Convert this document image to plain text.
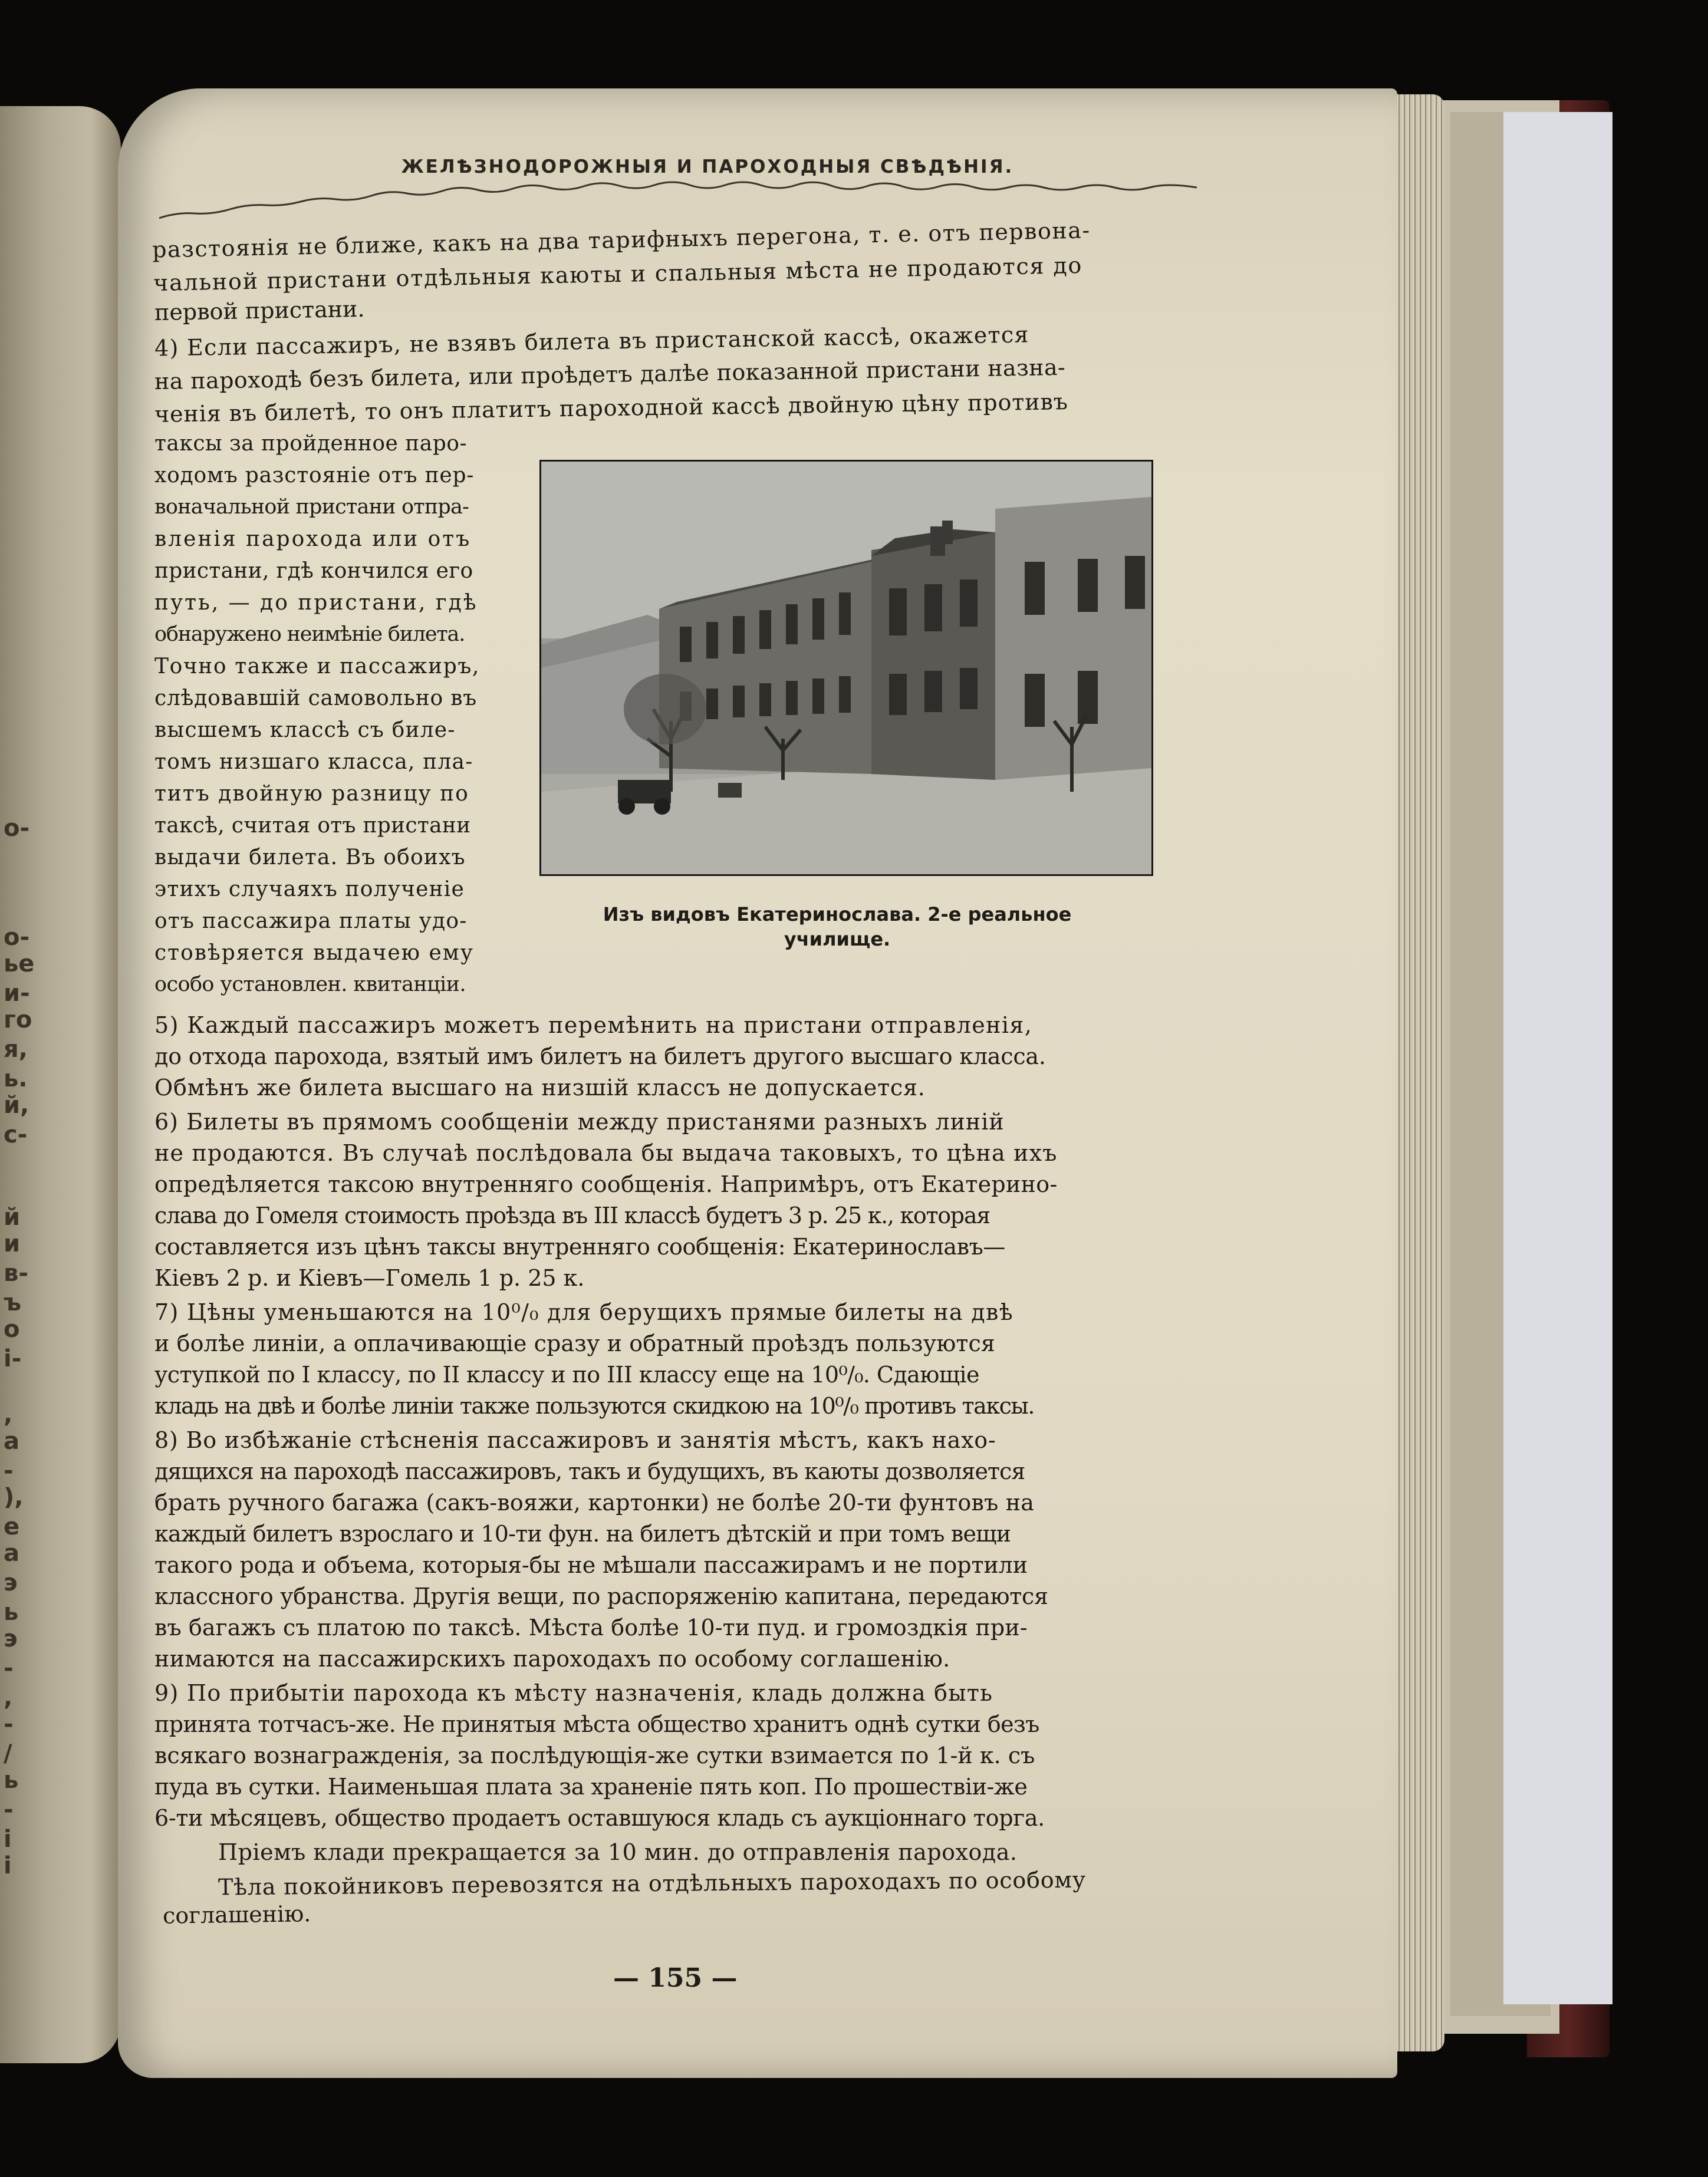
о-
о-
ье
и-
го
я,
ь.
й,
с-
й
и
в-
ъ
о
і-
,
а
-
),
е
а
э
ь
э
-
,
-
/
ь
-
і
і
ЖЕЛѢЗНОДОРОЖНЫЯ И ПАРОХОДНЫЯ СВѢДѢНІЯ.

разстоянія не ближе, какъ на два тарифныхъ перегона, т. е. отъ первона-

чальной пристани отдѣльныя каюты и спальныя мѣста не продаются до

первой пристани.

4) Если пассажиръ, не взявъ билета въ пристанской кассѣ, окажется

на пароходѣ безъ билета, или проѣдетъ далѣе показанной пристани назна-

ченія въ билетѣ, то онъ платитъ пароходной кассѣ двойную цѣну противъ

таксы за пройденное паро-

ходомъ разстояніе отъ пер-

воначальной пристани отпра-

вленія парохода или отъ

пристани, гдѣ кончился его

путь, — до пристани, гдѣ

обнаружено неимѣніе билета.

Точно также и пассажиръ,

слѣдовавшій самовольно въ

высшемъ классѣ съ биле-

томъ низшаго класса, пла-

титъ двойную разницу по

таксѣ, считая отъ пристани

выдачи билета. Въ обоихъ

этихъ случаяхъ полученіе

отъ пассажира платы удо-

стовѣряется выдачею ему

особо установлен. квитанціи.

Изъ видовъ Екатеринослава. 2-е реальное

училище.

5) Каждый пассажиръ можетъ перемѣнить на пристани отправленія,

до отхода парохода, взятый имъ билетъ на билетъ другого высшаго класса.

Обмѣнъ же билета высшаго на низшій классъ не допускается.

6) Билеты въ прямомъ сообщеніи между пристанями разныхъ линій

не продаются. Въ случаѣ послѣдовала бы выдача таковыхъ, то цѣна ихъ

опредѣляется таксою внутренняго сообщенія. Напримѣръ, отъ Екатерино-

слава до Гомеля стоимость проѣзда въ III классѣ будетъ 3 р. 25 к., которая

составляется изъ цѣнъ таксы внутренняго сообщенія: Екатеринославъ—

Кіевъ 2 р. и Кіевъ—Гомель 1 р. 25 к.

7) Цѣны уменьшаются на 10⁰/₀ для берущихъ прямые билеты на двѣ

и болѣе линіи, а оплачивающіе сразу и обратный проѣздъ пользуются

уступкой по I классу, по II классу и по III классу еще на 10⁰/₀. Сдающіе

кладь на двѣ и болѣе линіи также пользуются скидкою на 10⁰/₀ противъ таксы.

8) Во избѣжаніе стѣсненія пассажировъ и занятія мѣстъ, какъ нахо-

дящихся на пароходѣ пассажировъ, такъ и будущихъ, въ каюты дозволяется

брать ручного багажа (сакъ-вояжи, картонки) не болѣе 20-ти фунтовъ на

каждый билетъ взрослаго и 10-ти фун. на билетъ дѣтскій и при томъ вещи

такого рода и объема, которыя-бы не мѣшали пассажирамъ и не портили

классного убранства. Другія вещи, по распоряженію капитана, передаются

въ багажъ съ платою по таксѣ. Мѣста болѣе 10-ти пуд. и громоздкія при-

нимаются на пассажирскихъ пароходахъ по особому соглашенію.

9) По прибытіи парохода къ мѣсту назначенія, кладь должна быть

принята тотчасъ-же. Не принятыя мѣста общество хранитъ однѣ сутки безъ

всякаго вознагражденія, за послѣдующія-же сутки взимается по 1-й к. съ

пуда въ сутки. Наименьшая плата за храненіе пять коп. По прошествіи-же

6-ти мѣсяцевъ, общество продаетъ оставшуюся кладь съ аукціоннаго торга.

Пріемъ клади прекращается за 10 мин. до отправленія парохода.

Тѣла покойниковъ перевозятся на отдѣльныхъ пароходахъ по особому

соглашенію.

— 155 —
